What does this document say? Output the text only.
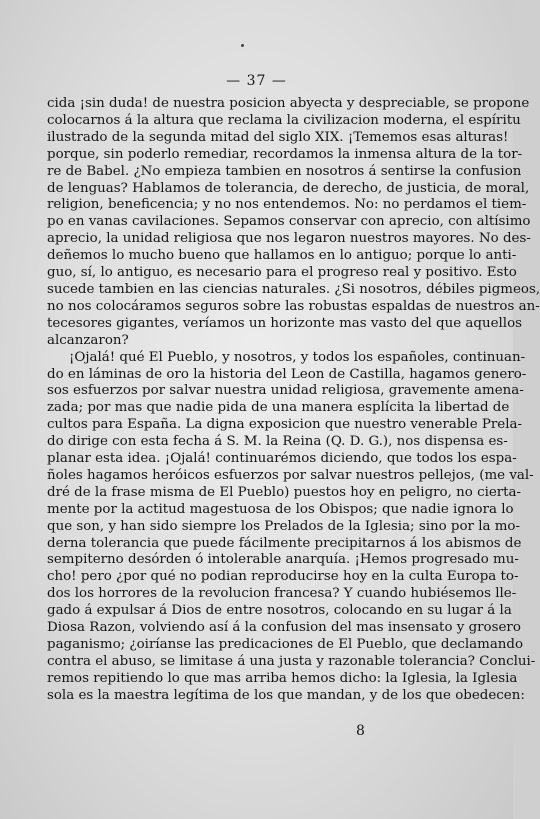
— 37 —
cida ¡sin duda! de nuestra posicion abyecta y despreciable, se propone
colocarnos á la altura que reclama la civilizacion moderna, el espíritu
ilustrado de la segunda mitad del siglo XIX. ¡Tememos esas alturas!
porque, sin poderlo remediar, recordamos la inmensa altura de la tor-
re de Babel. ¿No empieza tambien en nosotros á sentirse la confusion
de lenguas? Hablamos de tolerancia, de derecho, de justicia, de moral,
religion, beneficencia; y no nos entendemos. No: no perdamos el tiem-
po en vanas cavilaciones. Sepamos conservar con aprecio, con altísimo
aprecio, la unidad religiosa que nos legaron nuestros mayores. No des-
deñemos lo mucho bueno que hallamos en lo antiguo; porque lo anti-
guo, sí, lo antiguo, es necesario para el progreso real y positivo. Esto
sucede tambien en las ciencias naturales. ¿Si nosotros, débiles pigmeos,
no nos colocáramos seguros sobre las robustas espaldas de nuestros an-
tecesores gigantes, veríamos un horizonte mas vasto del que aquellos
alcanzaron?
¡Ojalá! qué El Pueblo, y nosotros, y todos los españoles, continuan-
do en láminas de oro la historia del Leon de Castilla, hagamos genero-
sos esfuerzos por salvar nuestra unidad religiosa, gravemente amena-
zada; por mas que nadie pida de una manera esplícita la libertad de
cultos para España. La digna exposicion que nuestro venerable Prela-
do dirige con esta fecha á S. M. la Reina (Q. D. G.), nos dispensa es-
planar esta idea. ¡Ojalá! continuarémos diciendo, que todos los espa-
ñoles hagamos heróicos esfuerzos por salvar nuestros pellejos, (me val-
dré de la frase misma de El Pueblo) puestos hoy en peligro, no cierta-
mente por la actitud magestuosa de los Obispos; que nadie ignora lo
que son, y han sido siempre los Prelados de la Iglesia; sino por la mo-
derna tolerancia que puede fácilmente precipitarnos á los abismos de
sempiterno desórden ó intolerable anarquía. ¡Hemos progresado mu-
cho! pero ¿por qué no podian reproducirse hoy en la culta Europa to-
dos los horrores de la revolucion francesa? Y cuando hubiésemos lle-
gado á expulsar á Dios de entre nosotros, colocando en su lugar á la
Diosa Razon, volviendo así á la confusion del mas insensato y grosero
paganismo; ¿oiríanse las predicaciones de El Pueblo, que declamando
contra el abuso, se limitase á una justa y razonable tolerancia? Conclui-
remos repitiendo lo que mas arriba hemos dicho: la Iglesia, la Iglesia
sola es la maestra legítima de los que mandan, y de los que obedecen:
8
